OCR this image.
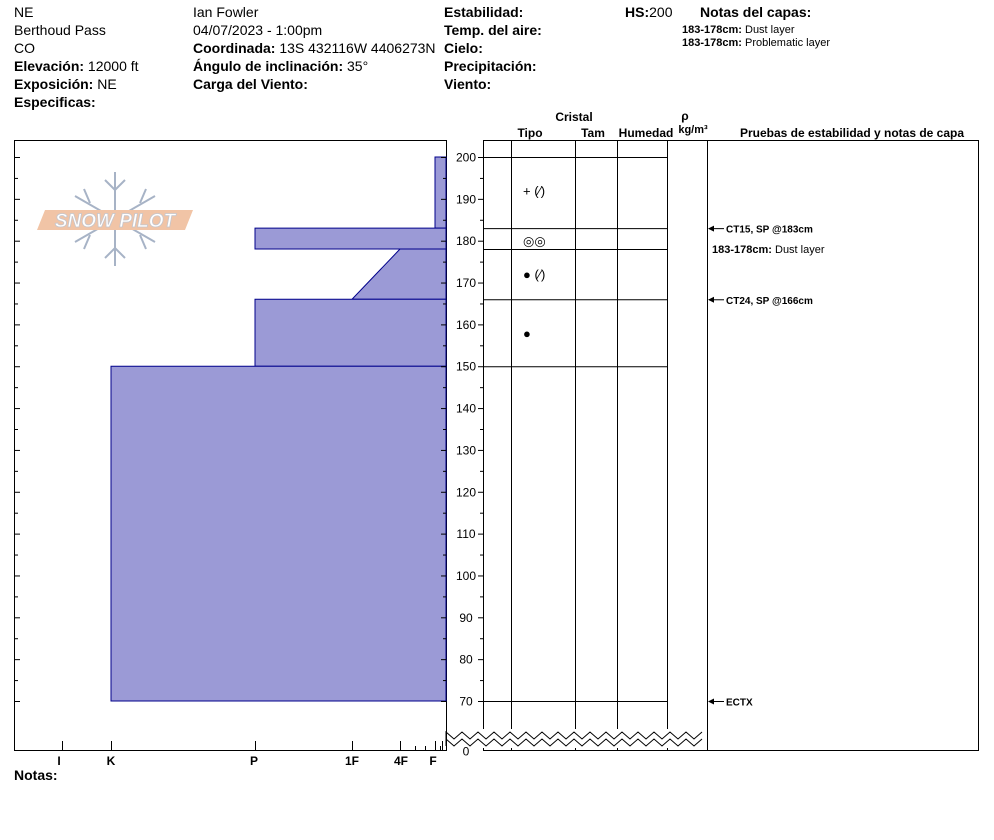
NE
Berthoud Pass
CO
Elevación: 12000 ft
Exposición: NE
Especificas:
Ian Fowler
04/07/2023 - 1:00pm
Coordinada: 13S 432116W 4406273N
Ángulo de inclinación: 35°
Carga del Viento:
Estabilidad:
Temp. del aire:
Cielo:
Precipitación:
Viento:
HS:200 Notas del capas:
183-178cm: Dust layer
183-178cm: Problematic layer
Notas:
Cristal
Tipo	Tam Humedad
ρ
kg/m³	Pruebas de estabilidad y notas de capa
SNOW PILOT
0
70
80
90
100
110
120
130
140
150
160
170
180
190
200
I	K	P	1F	4F F
+ (⁄)
◎◎
● (⁄)
●
CT15, SP @183cm
CT24, SP @166cm
ECTX
183-178cm: Dust layer
